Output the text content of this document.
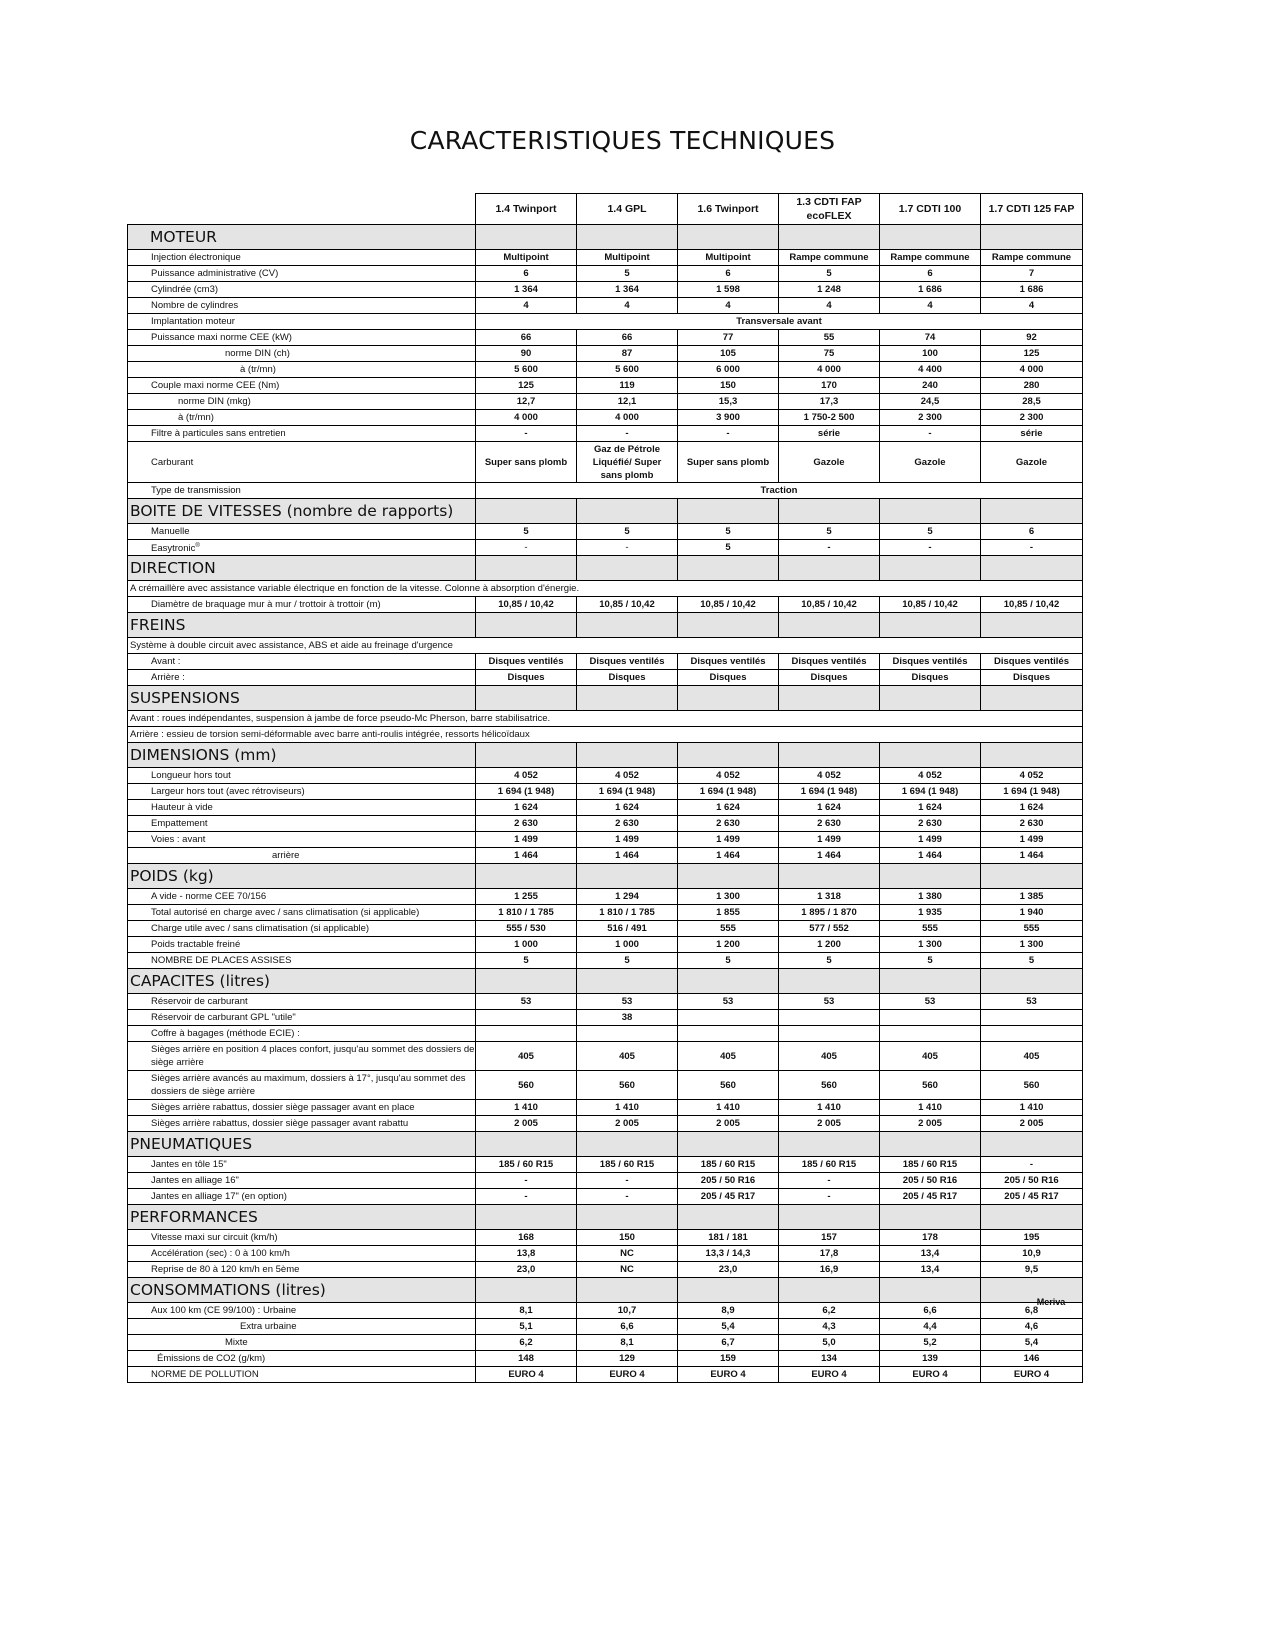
CARACTERISTIQUES TECHNIQUES
	1.4 Twinport	1.4 GPL	1.6 Twinport	1.3 CDTI FAP ecoFLEX	1.7 CDTI 100	1.7 CDTI 125 FAP
MOTEUR						
Injection électronique	Multipoint	Multipoint	Multipoint	Rampe commune	Rampe commune	Rampe commune
Puissance administrative (CV)	6	5	6	5	6	7
Cylindrée (cm3)	1 364	1 364	1 598	1 248	1 686	1 686
Nombre de cylindres	4	4	4	4	4	4
Implantation moteur	Transversale avant					
Puissance maxi norme CEE (kW)	66	66	77	55	74	92
norme DIN (ch)	90	87	105	75	100	125
à (tr/mn)	5 600	5 600	6 000	4 000	4 400	4 000
Couple maxi norme CEE (Nm)	125	119	150	170	240	280
norme DIN (mkg)	12,7	12,1	15,3	17,3	24,5	28,5
à (tr/mn)	4 000	4 000	3 900	1 750-2 500	2 300	2 300
Filtre à particules sans entretien	-	-	-	série	-	série
Carburant	Super sans plomb	Gaz de Pétrole Liquéfié/ Super sans plomb	Super sans plomb	Gazole	Gazole	Gazole
Type de transmission	Traction					
BOITE DE VITESSES (nombre de rapports)						
Manuelle	5	5	5	5	5	6
Easytronic®	-	-	5	-	-	-
DIRECTION						
A crémaillère avec assistance variable électrique en fonction de la vitesse. Colonne à absorption d'énergie.						
Diamètre de braquage mur à mur / trottoir à trottoir (m)	10,85 / 10,42	10,85 / 10,42	10,85 / 10,42	10,85 / 10,42	10,85 / 10,42	10,85 / 10,42
FREINS						
Système à double circuit avec assistance, ABS et aide au freinage d'urgence						
Avant :	Disques ventilés	Disques ventilés	Disques ventilés	Disques ventilés	Disques ventilés	Disques ventilés
Arrière :	Disques	Disques	Disques	Disques	Disques	Disques
SUSPENSIONS						
Avant : roues indépendantes, suspension à jambe de force pseudo-Mc Pherson, barre stabilisatrice.						
Arrière : essieu de torsion semi-déformable avec barre anti-roulis intégrée, ressorts hélicoïdaux						
DIMENSIONS (mm)						
Longueur hors tout	4 052	4 052	4 052	4 052	4 052	4 052
Largeur hors tout (avec rétroviseurs)	1 694 (1 948)	1 694 (1 948)	1 694 (1 948)	1 694 (1 948)	1 694 (1 948)	1 694 (1 948)
Hauteur à vide	1 624	1 624	1 624	1 624	1 624	1 624
Empattement	2 630	2 630	2 630	2 630	2 630	2 630
Voies : avant	1 499	1 499	1 499	1 499	1 499	1 499
arrière	1 464	1 464	1 464	1 464	1 464	1 464
POIDS (kg)						
A vide - norme CEE 70/156	1 255	1 294	1 300	1 318	1 380	1 385
Total autorisé en charge avec / sans climatisation (si applicable)	1 810 / 1 785	1 810 / 1 785	1 855	1 895 / 1 870	1 935	1 940
Charge utile avec / sans climatisation (si applicable)	555 / 530	516 / 491	555	577 / 552	555	555
Poids tractable freiné	1 000	1 000	1 200	1 200	1 300	1 300
NOMBRE DE PLACES ASSISES	5	5	5	5	5	5
CAPACITES (litres)						
Réservoir de carburant	53	53	53	53	53	53
Réservoir de carburant GPL "utile"		38				
Coffre à bagages (méthode ECIE) :						
Sièges arrière en position 4 places confort, jusqu'au sommet des dossiers de siège arrière	405	405	405	405	405	405
Sièges arrière avancés au maximum, dossiers à 17°, jusqu'au sommet des dossiers de siège arrière	560	560	560	560	560	560
Sièges arrière rabattus, dossier siège passager avant en place	1 410	1 410	1 410	1 410	1 410	1 410
Sièges arrière rabattus, dossier siège passager avant rabattu	2 005	2 005	2 005	2 005	2 005	2 005
PNEUMATIQUES						
Jantes en tôle 15"	185 / 60 R15	185 / 60 R15	185 / 60 R15	185 / 60 R15	185 / 60 R15	-
Jantes en alliage 16"	-	-	205 / 50 R16	-	205 / 50 R16	205 / 50 R16
Jantes en alliage 17" (en option)	-	-	205 / 45 R17	-	205 / 45 R17	205 / 45 R17
PERFORMANCES						
Vitesse maxi sur circuit (km/h)	168	150	181 / 181	157	178	195
Accélération (sec) : 0 à 100 km/h	13,8	NC	13,3 / 14,3	17,8	13,4	10,9
Reprise de 80 à 120 km/h en 5ème	23,0	NC	23,0	16,9	13,4	9,5
CONSOMMATIONS (litres)						
Aux 100 km (CE 99/100) : Urbaine	8,1	10,7	8,9	6,2	6,6	6,8
Extra urbaine	5,1	6,6	5,4	4,3	4,4	4,6
Mixte	6,2	8,1	6,7	5,0	5,2	5,4
Émissions de CO2 (g/km)	148	129	159	134	139	146
NORME DE POLLUTION	EURO 4	EURO 4	EURO 4	EURO 4	EURO 4	EURO 4
Meriva
